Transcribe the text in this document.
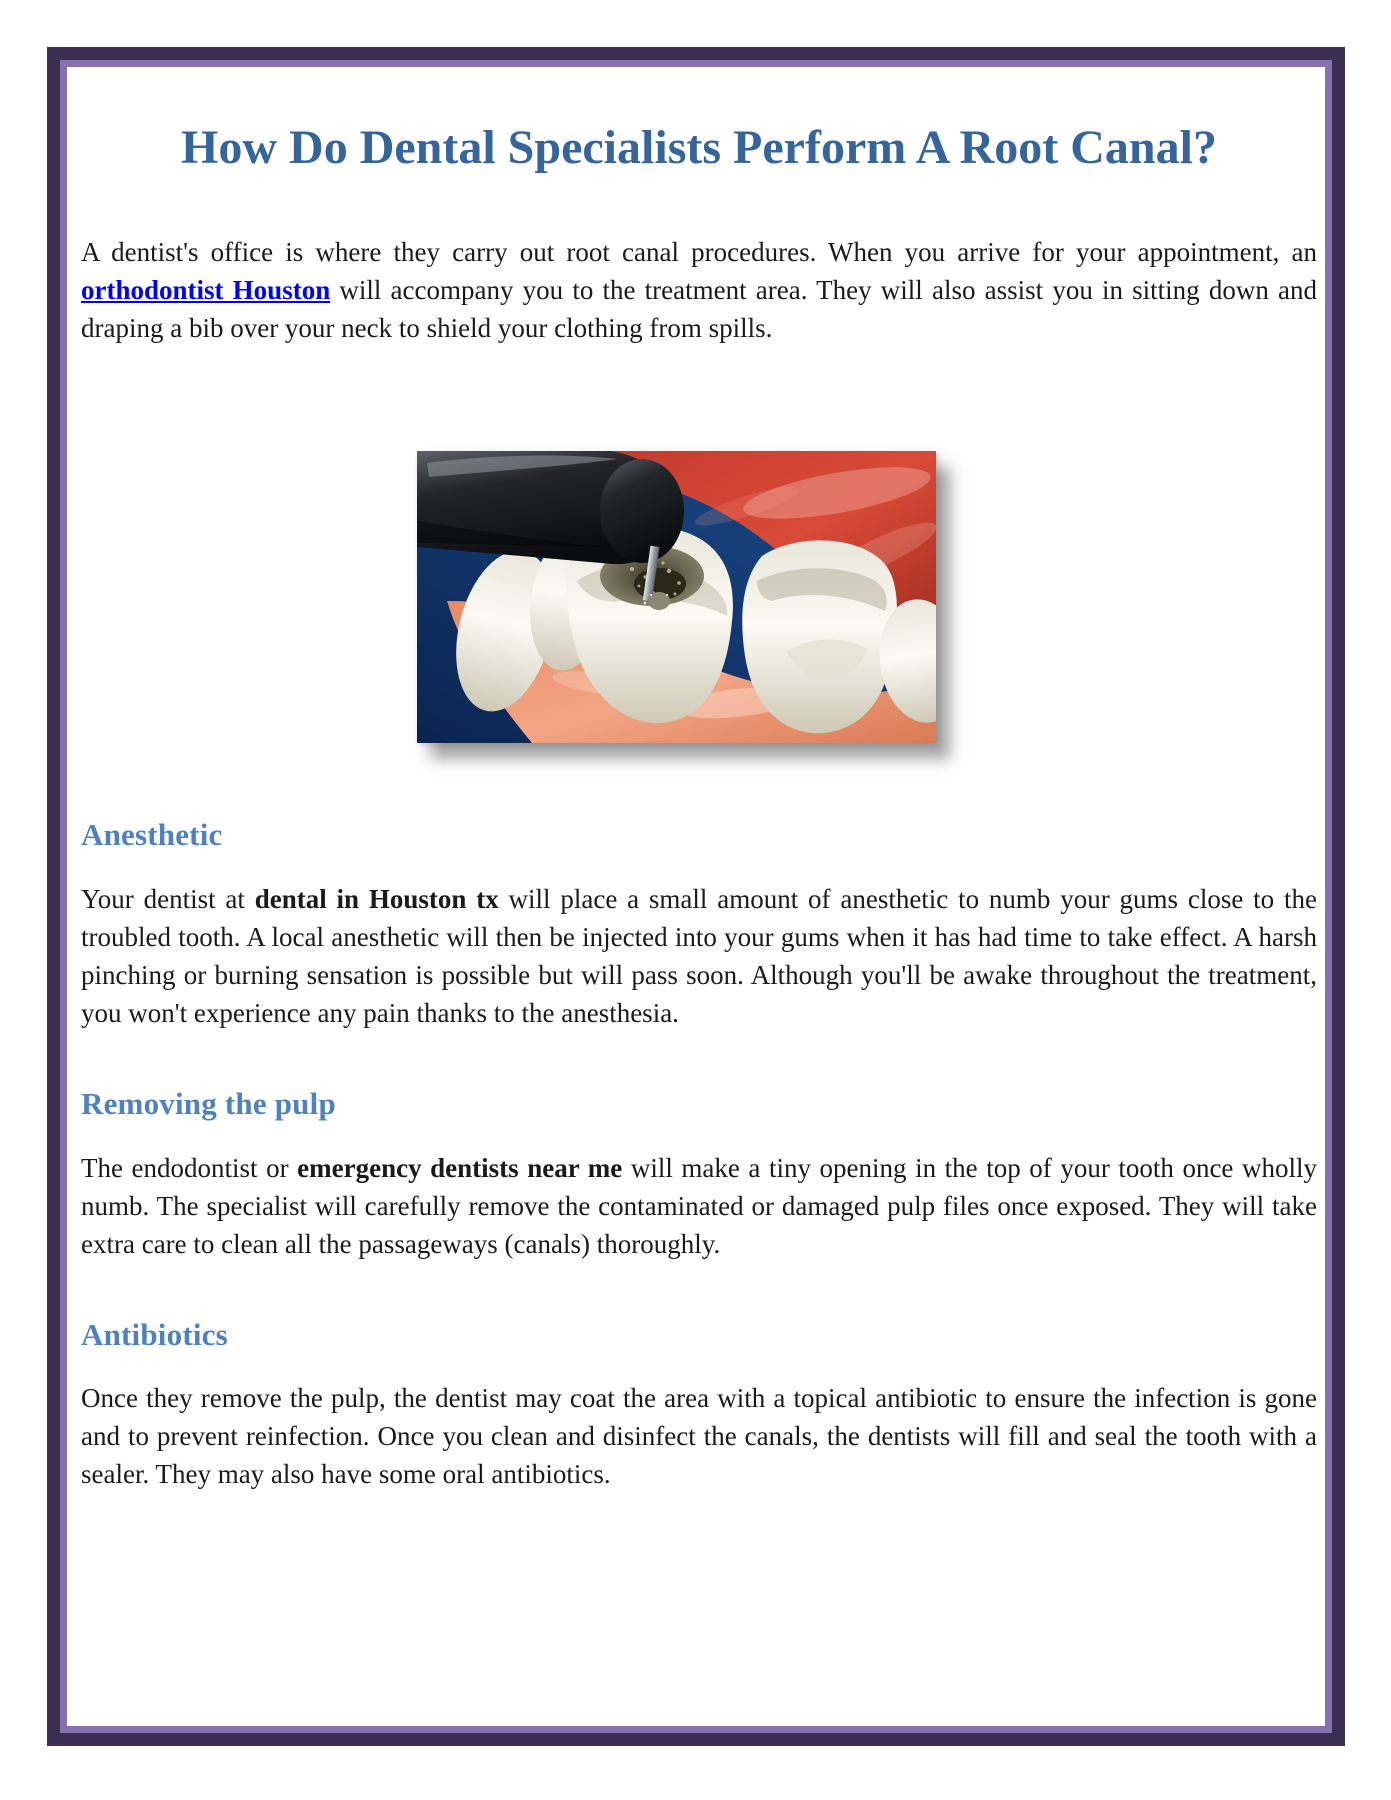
How Do Dental Specialists Perform A Root Canal?

A dentist's office is where they carry out root canal procedures. When you arrive for your appointment, an orthodontist Houston will accompany you to the treatment area. They will also assist you in sitting down and draping a bib over your neck to shield your clothing from spills.

Anesthetic

Your dentist at dental in Houston tx will place a small amount of anesthetic to numb your gums close to the troubled tooth. A local anesthetic will then be injected into your gums when it has had time to take effect. A harsh pinching or burning sensation is possible but will pass soon. Although you'll be awake throughout the treatment, you won't experience any pain thanks to the anesthesia.

Removing the pulp

The endodontist or emergency dentists near me will make a tiny opening in the top of your tooth once wholly numb. The specialist will carefully remove the contaminated or damaged pulp files once exposed. They will take extra care to clean all the passageways (canals) thoroughly.

Antibiotics

Once they remove the pulp, the dentist may coat the area with a topical antibiotic to ensure the infection is gone and to prevent reinfection. Once you clean and disinfect the canals, the dentists will fill and seal the tooth with a sealer. They may also have some oral antibiotics.
